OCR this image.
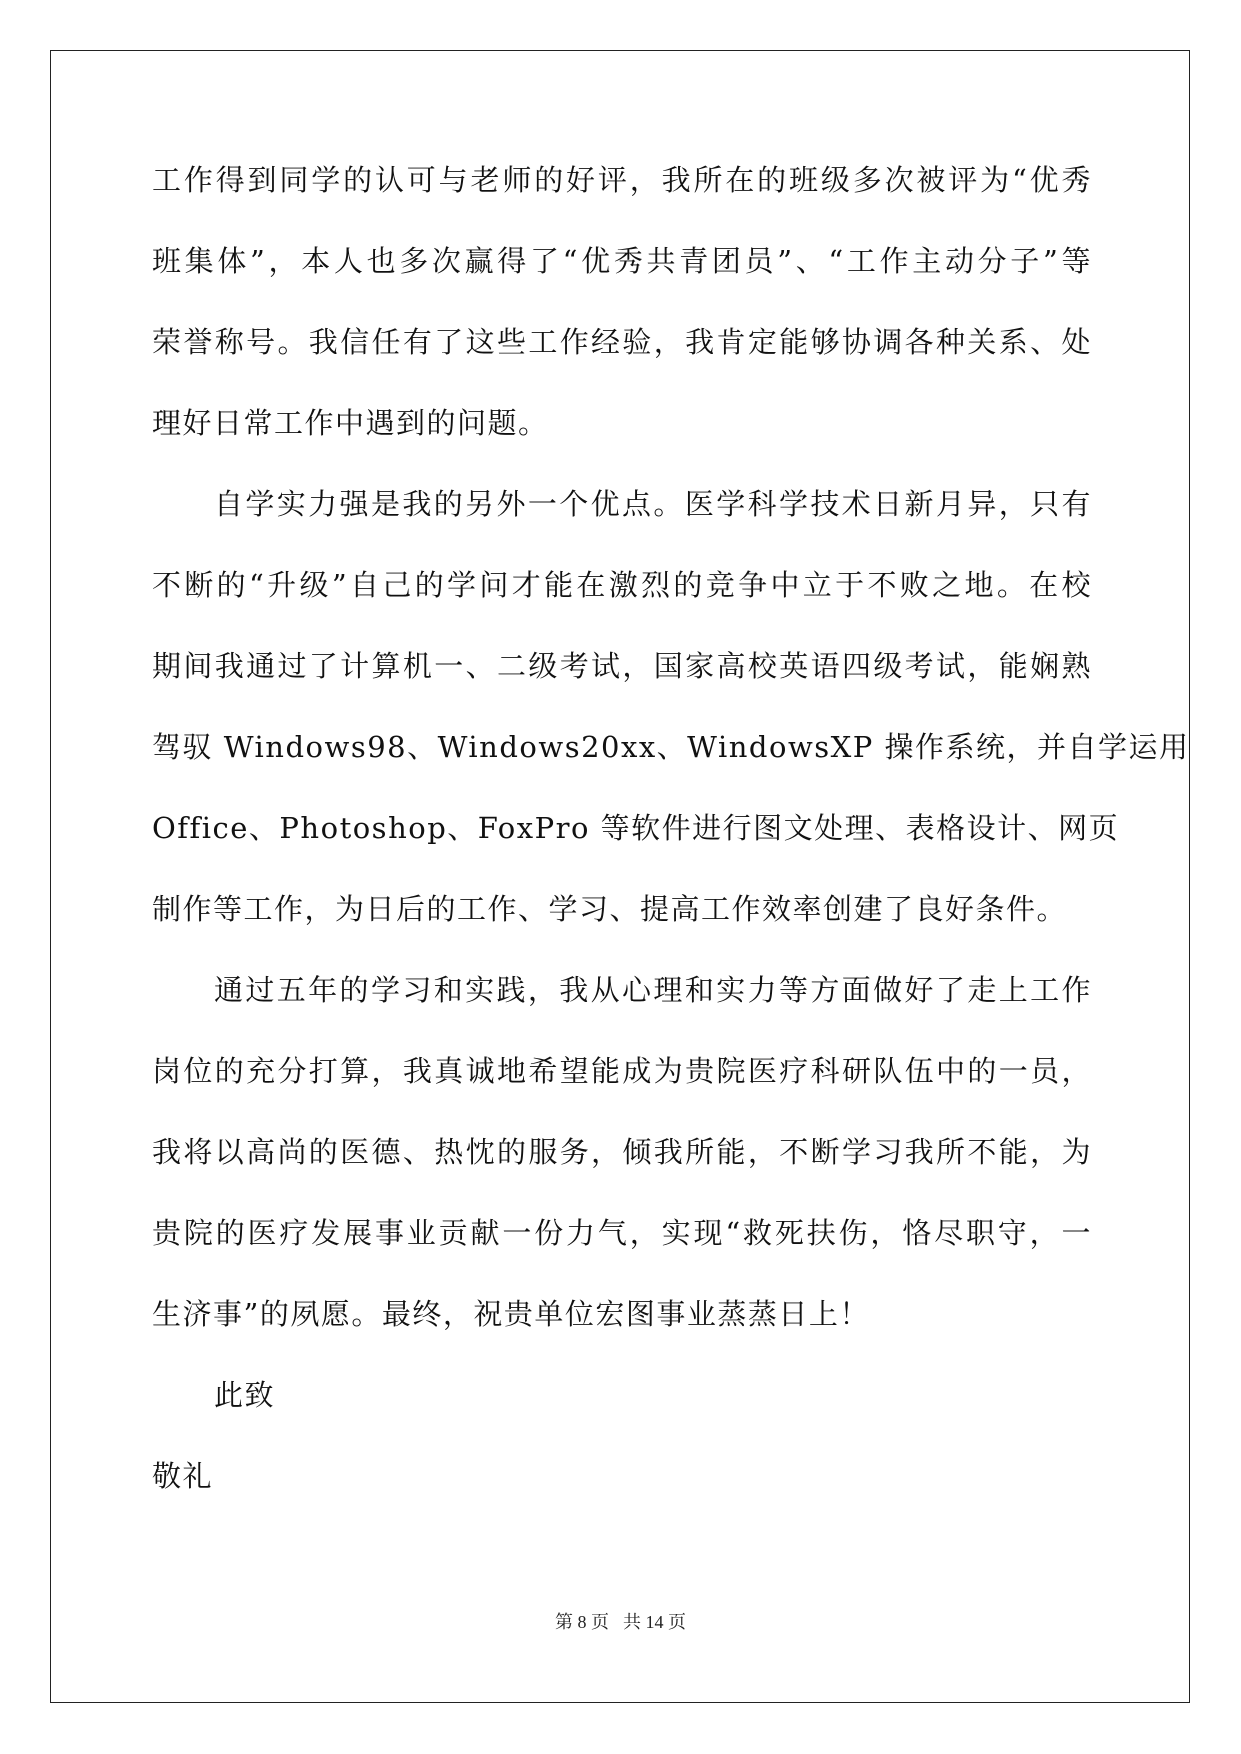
工作得到同学的认可与老师的好评，我所在的班级多次被评为“优秀
班集体”，本人也多次赢得了“优秀共青团员”、“工作主动分子”等
荣誉称号。我信任有了这些工作经验，我肯定能够协调各种关系、处
理好日常工作中遇到的问题。
自学实力强是我的另外一个优点。医学科学技术日新月异，只有
不断的“升级”自己的学问才能在激烈的竞争中立于不败之地。在校
期间我通过了计算机一、二级考试，国家高校英语四级考试，能娴熟
驾驭 Windows98、Windows20xx、WindowsXP 操作系统，并自学运用
Office、Photoshop、FoxPro 等软件进行图文处理、表格设计、网页
制作等工作，为日后的工作、学习、提高工作效率创建了良好条件。
通过五年的学习和实践，我从心理和实力等方面做好了走上工作
岗位的充分打算，我真诚地希望能成为贵院医疗科研队伍中的一员，
我将以高尚的医德、热忱的服务，倾我所能，不断学习我所不能，为
贵院的医疗发展事业贡献一份力气，实现“救死扶伤，恪尽职守，一
生济事”的夙愿。最终，祝贵单位宏图事业蒸蒸日上！
此致
敬礼
第 8 页 共 14 页
